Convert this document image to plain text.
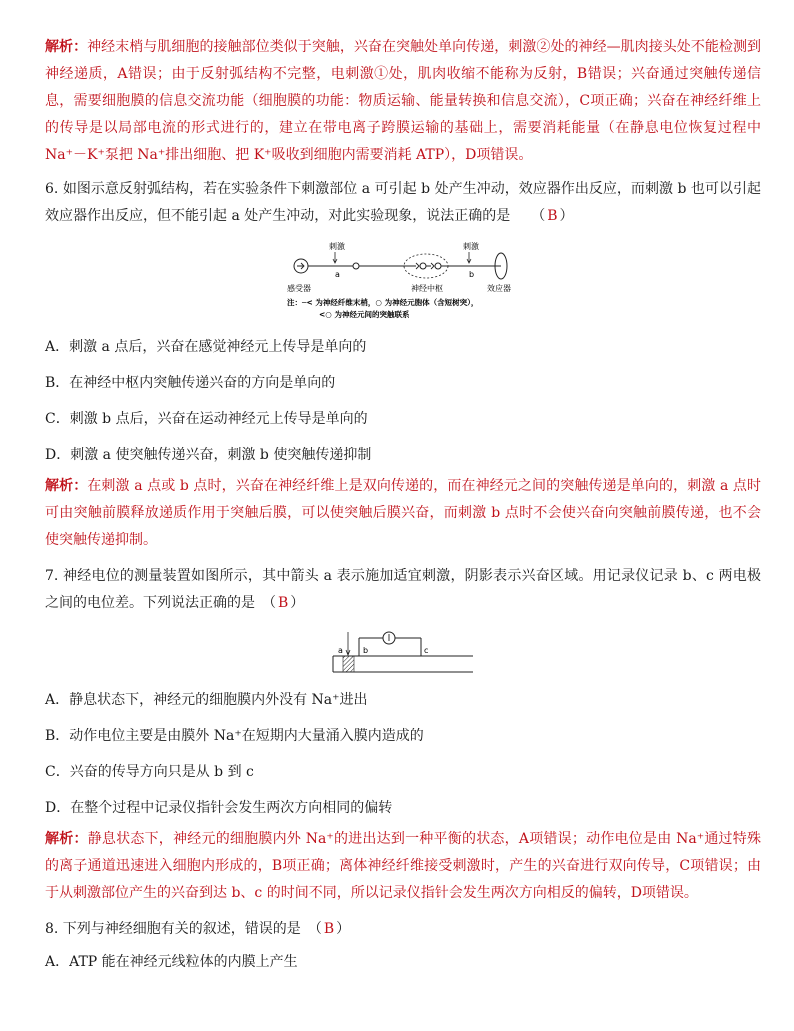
解析：神经末梢与肌细胞的接触部位类似于突触，兴奋在突触处单向传递，刺激②处的神经—肌肉接头处不能检测到神经递质，A错误；由于反射弧结构不完整，电刺激①处，肌肉收缩不能称为反射，B错误；兴奋通过突触传递信息，需要细胞膜的信息交流功能（细胞膜的功能：物质运输、能量转换和信息交流），C项正确；兴奋在神经纤维上的传导是以局部电流的形式进行的，建立在带电离子跨膜运输的基础上，需要消耗能量（在静息电位恢复过程中 Na⁺－K⁺泵把 Na⁺排出细胞、把 K⁺吸收到细胞内需要消耗 ATP），D项错误。

6. 如图示意反射弧结构，若在实验条件下刺激部位 a 可引起 b 处产生冲动，效应器作出反应，而刺激 b 也可以引起效应器作出反应，但不能引起 a 处产生冲动，对此实验现象，说法正确的是　　 （ B ）

刺激
a
刺激
b
感受器	神经中枢	效应器
注：─< 为神经纤维末梢，○ 为神经元胞体（含短树突），
<○ 为神经元间的突触联系
A．刺激 a 点后，兴奋在感觉神经元上传导是单向的
B．在神经中枢内突触传递兴奋的方向是单向的
C．刺激 b 点后，兴奋在运动神经元上传导是单向的
D．刺激 a 使突触传递兴奋，刺激 b 使突触传递抑制

解析：在刺激 a 点或 b 点时，兴奋在神经纤维上是双向传递的，而在神经元之间的突触传递是单向的，刺激 a 点时可由突触前膜释放递质作用于突触后膜，可以使突触后膜兴奋，而刺激 b 点时不会使兴奋向突触前膜传递，也不会使突触传递抑制。

7. 神经电位的测量装置如图所示，其中箭头 a 表示施加适宜刺激，阴影表示兴奋区域。用记录仪记录 b、c 两电极之间的电位差。下列说法正确的是　 （ B ）

a	b	c
A．静息状态下，神经元的细胞膜内外没有 Na⁺进出
B．动作电位主要是由膜外 Na⁺在短期内大量涌入膜内造成的
C．兴奋的传导方向只是从 b 到 c
D．在整个过程中记录仪指针会发生两次方向相同的偏转

解析：静息状态下，神经元的细胞膜内外 Na⁺的进出达到一种平衡的状态，A项错误；动作电位是由 Na⁺通过特殊的离子通道迅速进入细胞内形成的，B项正确；离体神经纤维接受刺激时，产生的兴奋进行双向传导，C项错误；由于从刺激部位产生的兴奋到达 b、c 的时间不同，所以记录仪指针会发生两次方向相反的偏转，D项错误。

8. 下列与神经细胞有关的叙述，错误的是　 （ B ）

A．ATP 能在神经元线粒体的内膜上产生
